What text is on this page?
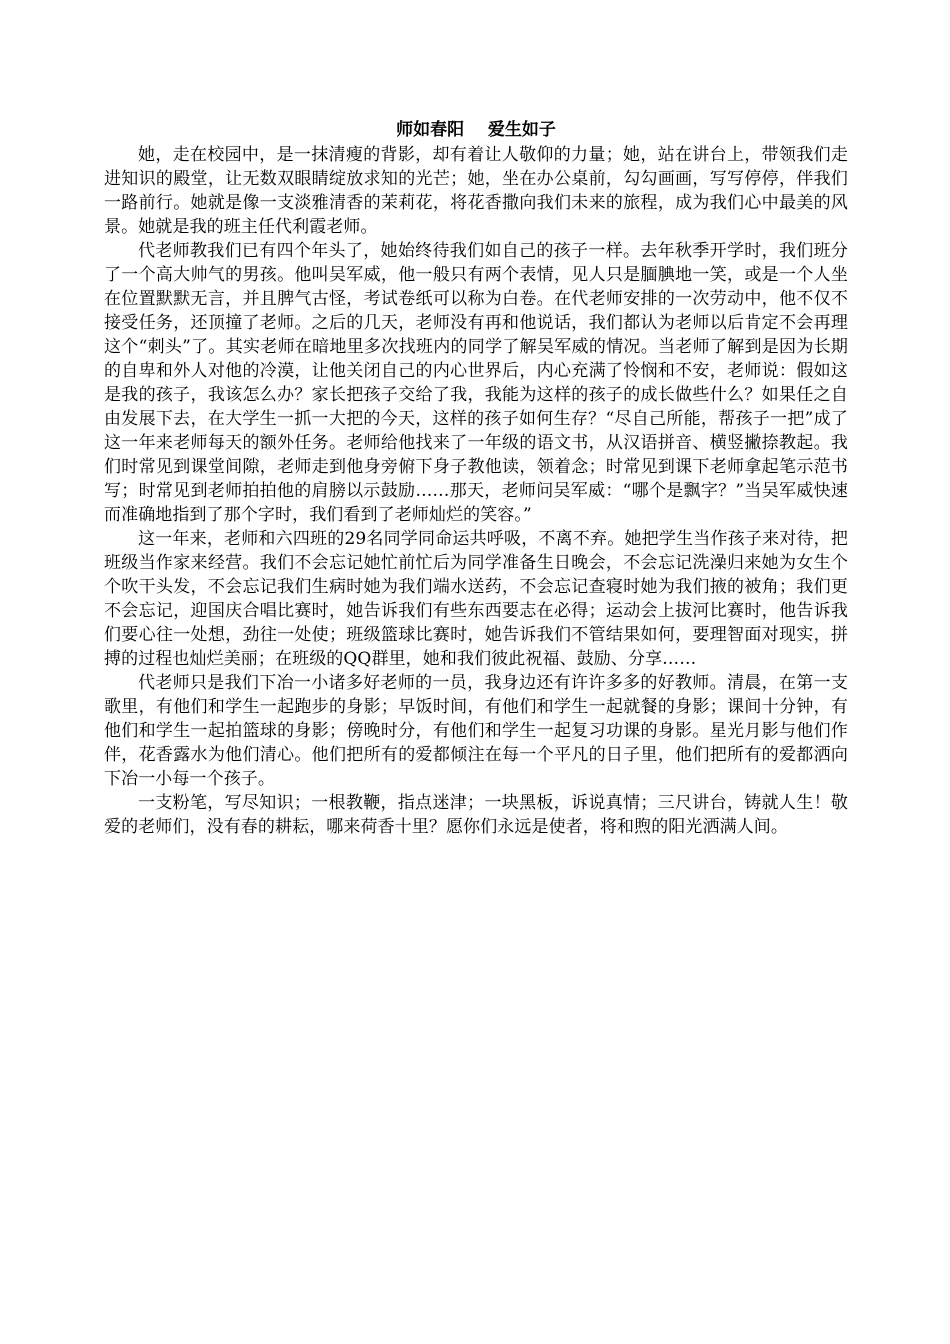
师如春阳    爱生如子

她，走在校园中，是一抹清瘦的背影，却有着让人敬仰的力量；她，站在讲台上，带领我们走进知识的殿堂，让无数双眼睛绽放求知的光芒；她，坐在办公桌前，勾勾画画，写写停停，伴我们一路前行。她就是像一支淡雅清香的茉莉花，将花香撒向我们未来的旅程，成为我们心中最美的风景。她就是我的班主任代利霞老师。

代老师教我们已有四个年头了，她始终待我们如自己的孩子一样。去年秋季开学时，我们班分了一个高大帅气的男孩。他叫吴军威，他一般只有两个表情，见人只是腼腆地一笑，或是一个人坐在位置默默无言，并且脾气古怪，考试卷纸可以称为白卷。在代老师安排的一次劳动中，他不仅不接受任务，还顶撞了老师。之后的几天，老师没有再和他说话，我们都认为老师以后肯定不会再理这个“刺头”了。其实老师在暗地里多次找班内的同学了解吴军威的情况。当老师了解到是因为长期的自卑和外人对他的冷漠，让他关闭自己的内心世界后，内心充满了怜悯和不安，老师说：假如这是我的孩子，我该怎么办？家长把孩子交给了我，我能为这样的孩子的成长做些什么？如果任之自由发展下去，在大学生一抓一大把的今天，这样的孩子如何生存？“尽自己所能，帮孩子一把”成了这一年来老师每天的额外任务。老师给他找来了一年级的语文书，从汉语拼音、横竖撇捺教起。我们时常见到课堂间隙，老师走到他身旁俯下身子教他读，领着念；时常见到课下老师拿起笔示范书写；时常见到老师拍拍他的肩膀以示鼓励……那天，老师问吴军威：“哪个是飘字？”当吴军威快速而准确地指到了那个字时，我们看到了老师灿烂的笑容。”

这一年来，老师和六四班的29名同学同命运共呼吸，不离不弃。她把学生当作孩子来对待，把班级当作家来经营。我们不会忘记她忙前忙后为同学准备生日晚会，不会忘记洗澡归来她为女生个个吹干头发，不会忘记我们生病时她为我们端水送药，不会忘记查寝时她为我们掖的被角；我们更不会忘记，迎国庆合唱比赛时，她告诉我们有些东西要志在必得；运动会上拔河比赛时，他告诉我们要心往一处想，劲往一处使；班级篮球比赛时，她告诉我们不管结果如何，要理智面对现实，拼搏的过程也灿烂美丽；在班级的QQ群里，她和我们彼此祝福、鼓励、分享……

代老师只是我们下冶一小诸多好老师的一员，我身边还有许许多多的好教师。清晨，在第一支歌里，有他们和学生一起跑步的身影；早饭时间，有他们和学生一起就餐的身影；课间十分钟，有他们和学生一起拍篮球的身影；傍晚时分，有他们和学生一起复习功课的身影。星光月影与他们作伴，花香露水为他们清心。他们把所有的爱都倾注在每一个平凡的日子里，他们把所有的爱都洒向下冶一小每一个孩子。

一支粉笔，写尽知识；一根教鞭，指点迷津；一块黑板，诉说真情；三尺讲台，铸就人生！敬爱的老师们，没有春的耕耘，哪来荷香十里？愿你们永远是使者，将和煦的阳光洒满人间。
